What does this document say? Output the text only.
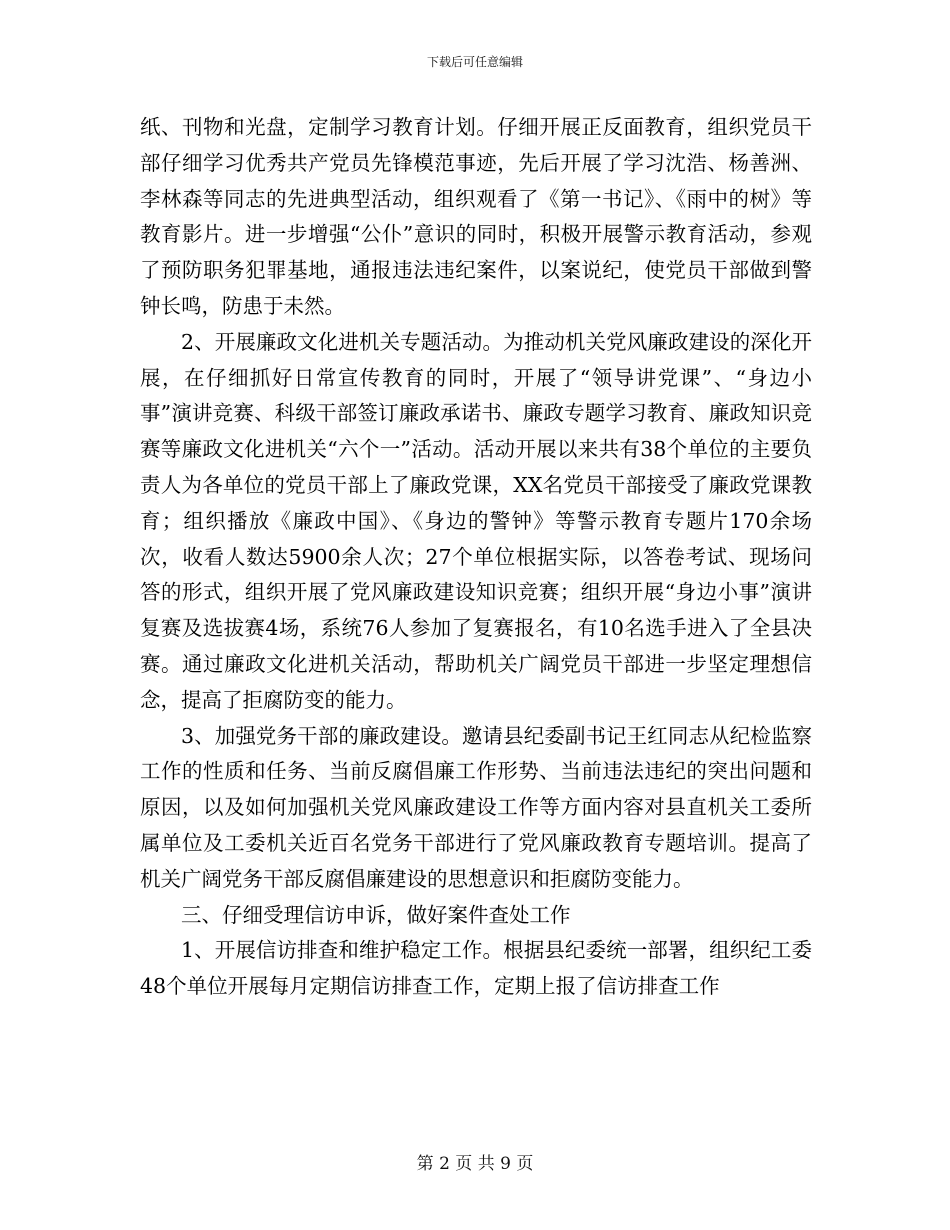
下载后可任意编辑

纸、刊物和光盘，定制学习教育计划。仔细开展正反面教育，组织党员干部仔细学习优秀共产党员先锋模范事迹，先后开展了学习沈浩、杨善洲、李林森等同志的先进典型活动，组织观看了《第一书记》、《雨中的树》等教育影片。进一步增强“公仆”意识的同时，积极开展警示教育活动，参观了预防职务犯罪基地，通报违法违纪案件，以案说纪，使党员干部做到警钟长鸣，防患于未然。

2、开展廉政文化进机关专题活动。为推动机关党风廉政建设的深化开展，在仔细抓好日常宣传教育的同时，开展了“领导讲党课”、“身边小事”演讲竞赛、科级干部签订廉政承诺书、廉政专题学习教育、廉政知识竞赛等廉政文化进机关“六个一”活动。活动开展以来共有38个单位的主要负责人为各单位的党员干部上了廉政党课，XX名党员干部接受了廉政党课教育；组织播放《廉政中国》、《身边的警钟》等警示教育专题片170余场次，收看人数达5900余人次；27个单位根据实际，以答卷考试、现场问答的形式，组织开展了党风廉政建设知识竞赛；组织开展“身边小事”演讲复赛及选拔赛4场，系统76人参加了复赛报名，有10名选手进入了全县决赛。通过廉政文化进机关活动，帮助机关广阔党员干部进一步坚定理想信念，提高了拒腐防变的能力。

3、加强党务干部的廉政建设。邀请县纪委副书记王红同志从纪检监察工作的性质和任务、当前反腐倡廉工作形势、当前违法违纪的突出问题和原因，以及如何加强机关党风廉政建设工作等方面内容对县直机关工委所属单位及工委机关近百名党务干部进行了党风廉政教育专题培训。提高了机关广阔党务干部反腐倡廉建设的思想意识和拒腐防变能力。

三、仔细受理信访申诉，做好案件查处工作

1、开展信访排查和维护稳定工作。根据县纪委统一部署，组织纪工委48个单位开展每月定期信访排查工作，定期上报了信访排查工作

第 2 页 共 9 页
